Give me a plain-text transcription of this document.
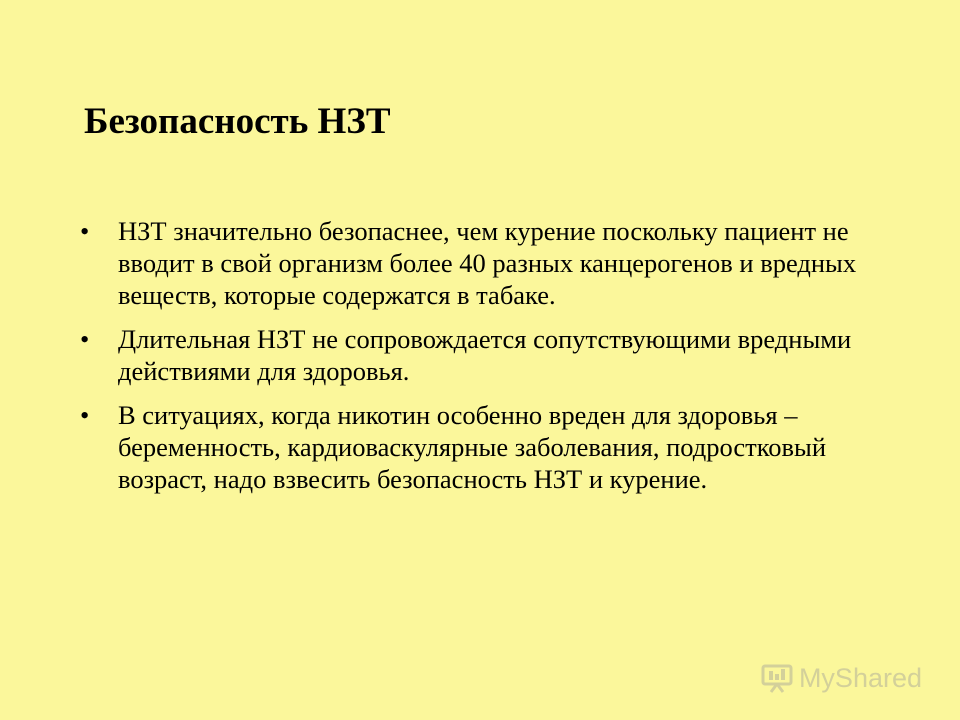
Безопасность НЗТ
• НЗТ значительно безопаснее, чем курение поскольку пациент не вводит в свой организм более 40 разных канцерогенов и вредных веществ, которые содержатся в табаке.
• Длительная НЗТ не сопровождается сопутствующими вредными действиями для здоровья.
• В ситуациях, когда никотин особенно вреден для здоровья – беременность, кардиоваскулярные заболевания, подростковый возраст, надо взвесить безопасность НЗТ и курение.
MyShared
